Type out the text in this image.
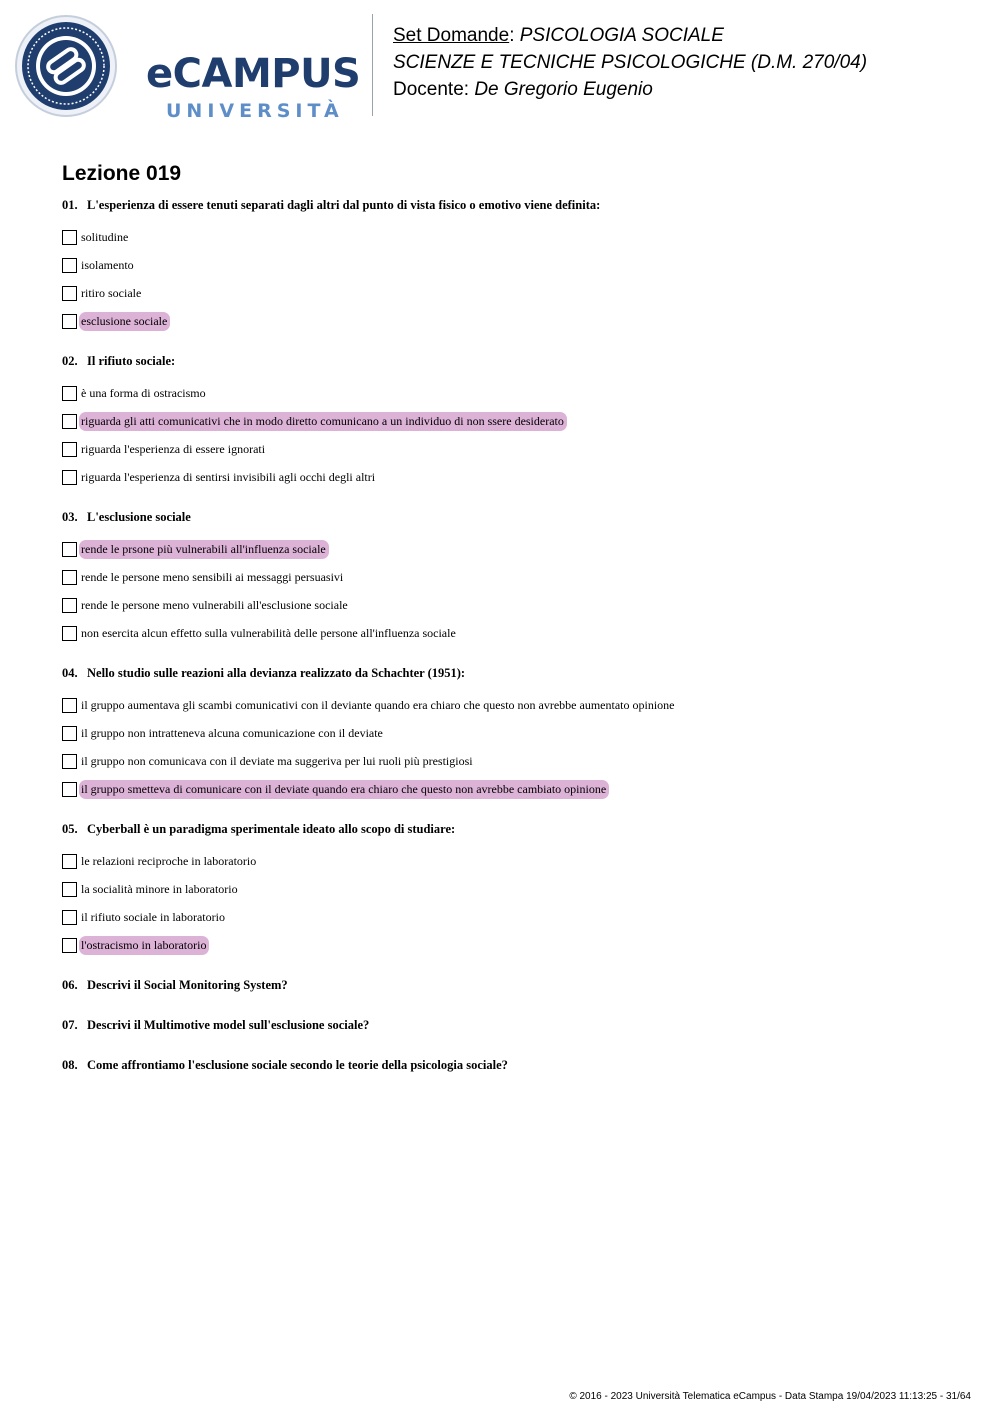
eCAMPUS
UNIVERSITÀ
Set Domande: PSICOLOGIA SOCIALE
SCIENZE E TECNICHE PSICOLOGICHE (D.M. 270/04)
Docente: De Gregorio Eugenio
Lezione 019

01. L'esperienza di essere tenuti separati dagli altri dal punto di vista fisico o emotivo viene definita:

solitudine
isolamento
ritiro sociale
esclusione sociale

02. Il rifiuto sociale:

è una forma di ostracismo
riguarda gli atti comunicativi che in modo diretto comunicano a un individuo di non ssere desiderato
riguarda l'esperienza di essere ignorati
riguarda l'esperienza di sentirsi invisibili agli occhi degli altri

03. L'esclusione sociale

rende le prsone più vulnerabili all'influenza sociale
rende le persone meno sensibili ai messaggi persuasivi
rende le persone meno vulnerabili all'esclusione sociale
non esercita alcun effetto sulla vulnerabilità delle persone all'influenza sociale

04. Nello studio sulle reazioni alla devianza realizzato da Schachter (1951):

il gruppo aumentava gli scambi comunicativi con il deviante quando era chiaro che questo non avrebbe aumentato opinione
il gruppo non intratteneva alcuna comunicazione con il deviate
il gruppo non comunicava con il deviate ma suggeriva per lui ruoli più prestigiosi
il gruppo smetteva di comunicare con il deviate quando era chiaro che questo non avrebbe cambiato opinione

05. Cyberball è un paradigma sperimentale ideato allo scopo di studiare:

le relazioni reciproche in laboratorio
la socialità minore in laboratorio
il rifiuto sociale in laboratorio
l'ostracismo in laboratorio

06. Descrivi il Social Monitoring System?

07. Descrivi il Multimotive model sull'esclusione sociale?

08. Come affrontiamo l'esclusione sociale secondo le teorie della psicologia sociale?

© 2016 - 2023 Università Telematica eCampus - Data Stampa 19/04/2023 11:13:25 - 31/64
